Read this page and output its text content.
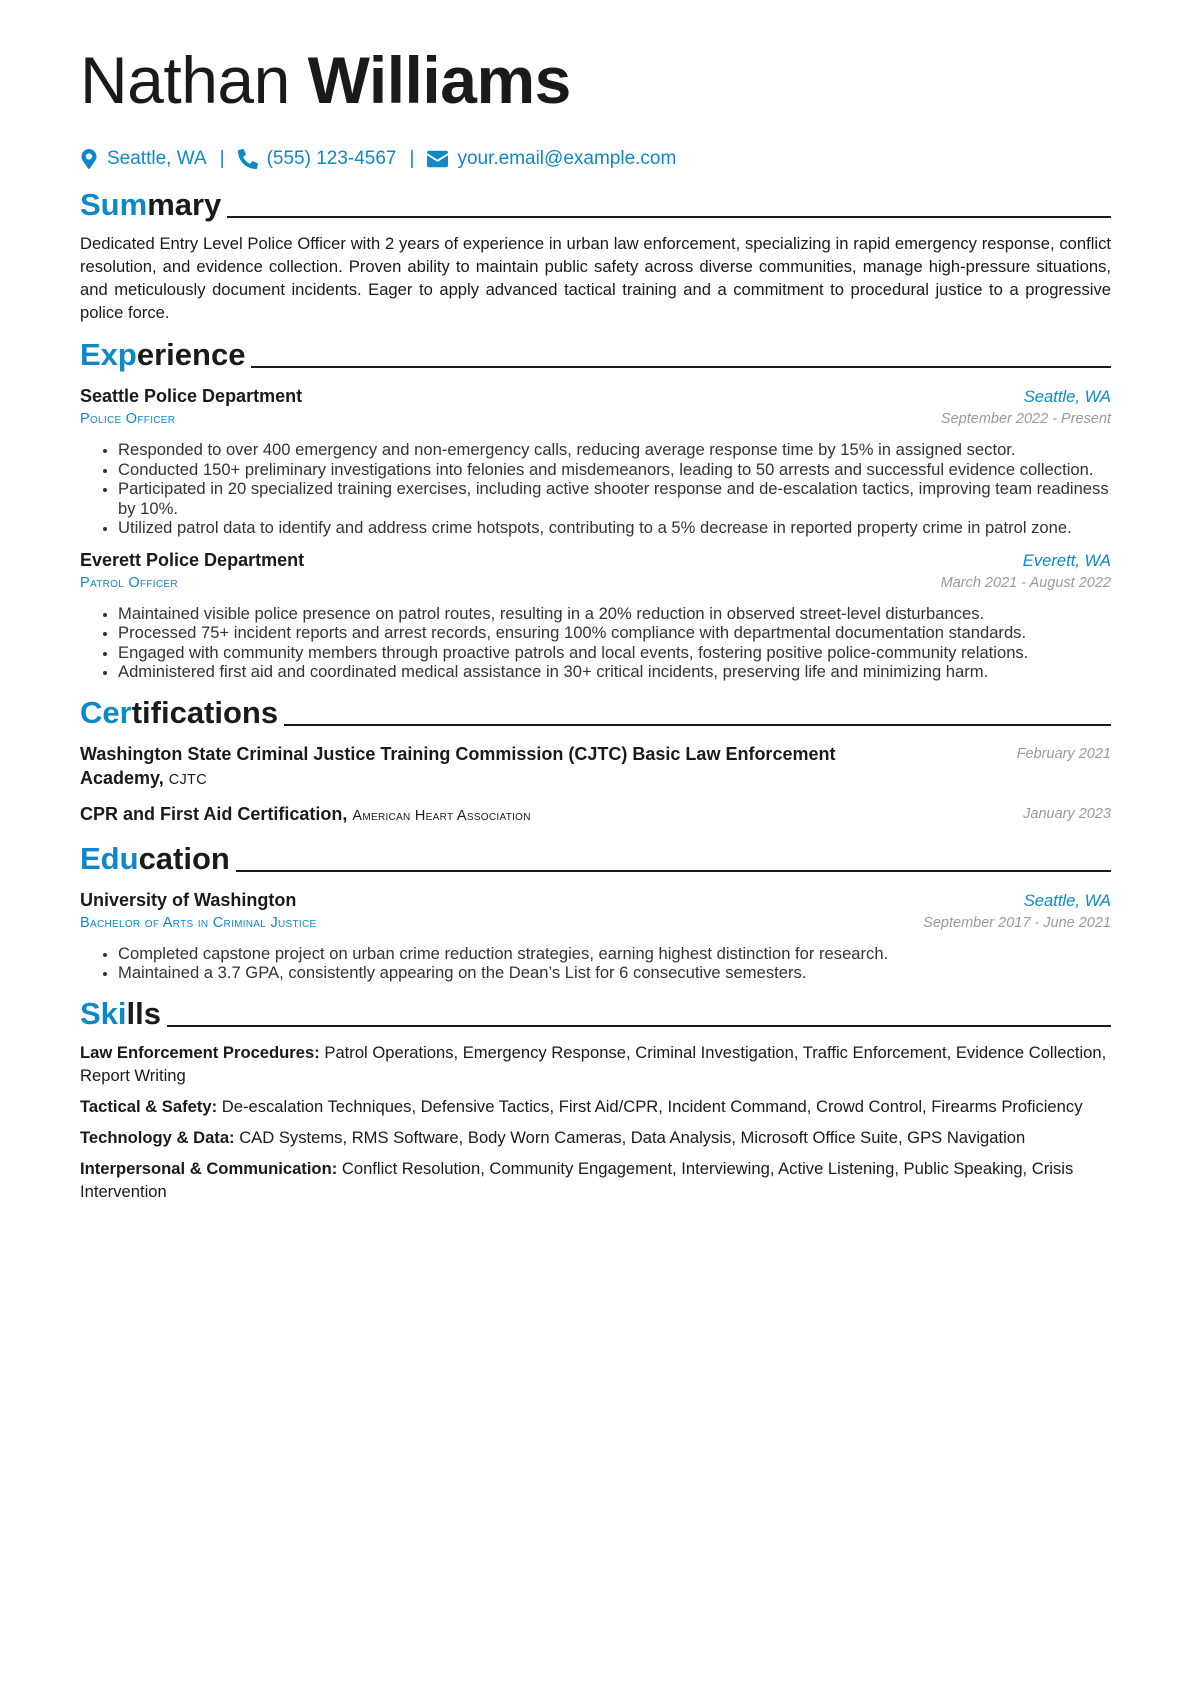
Nathan Williams
Seattle, WA | (555) 123-4567 | your.email@example.com
Summary

Dedicated Entry Level Police Officer with 2 years of experience in urban law enforcement, specializing in rapid emergency response, conflict resolution, and evidence collection. Proven ability to maintain public safety across diverse communities, manage high-pressure situations, and meticulously document incidents. Eager to apply advanced tactical training and a commitment to procedural justice to a progressive police force.

Experience
Seattle Police Department	Seattle, WA
Police Officer	September 2022 - Present
• Responded to over 400 emergency and non-emergency calls, reducing average response time by 15% in assigned sector.
• Conducted 150+ preliminary investigations into felonies and misdemeanors, leading to 50 arrests and successful evidence collection.
• Participated in 20 specialized training exercises, including active shooter response and de-escalation tactics, improving team readiness by 10%.
• Utilized patrol data to identify and address crime hotspots, contributing to a 5% decrease in reported property crime in patrol zone.
Everett Police Department	Everett, WA
Patrol Officer	March 2021 - August 2022
• Maintained visible police presence on patrol routes, resulting in a 20% reduction in observed street-level disturbances.
• Processed 75+ incident reports and arrest records, ensuring 100% compliance with departmental documentation standards.
• Engaged with community members through proactive patrols and local events, fostering positive police-community relations.
• Administered first aid and coordinated medical assistance in 30+ critical incidents, preserving life and minimizing harm.
Certifications
Washington State Criminal Justice Training Commission (CJTC) Basic Law Enforcement Academy, CJTC
February 2021
CPR and First Aid Certification, American Heart Association	January 2023
Education
University of Washington	Seattle, WA
Bachelor of Arts in Criminal Justice	September 2017 - June 2021
• Completed capstone project on urban crime reduction strategies, earning highest distinction for research.
• Maintained a 3.7 GPA, consistently appearing on the Dean’s List for 6 consecutive semesters.
Skills

Law Enforcement Procedures: Patrol Operations, Emergency Response, Criminal Investigation, Traffic Enforcement, Evidence Collection, Report Writing

Tactical & Safety: De-escalation Techniques, Defensive Tactics, First Aid/CPR, Incident Command, Crowd Control, Firearms Proficiency

Technology & Data: CAD Systems, RMS Software, Body Worn Cameras, Data Analysis, Microsoft Office Suite, GPS Navigation

Interpersonal & Communication: Conflict Resolution, Community Engagement, Interviewing, Active Listening, Public Speaking, Crisis Intervention
